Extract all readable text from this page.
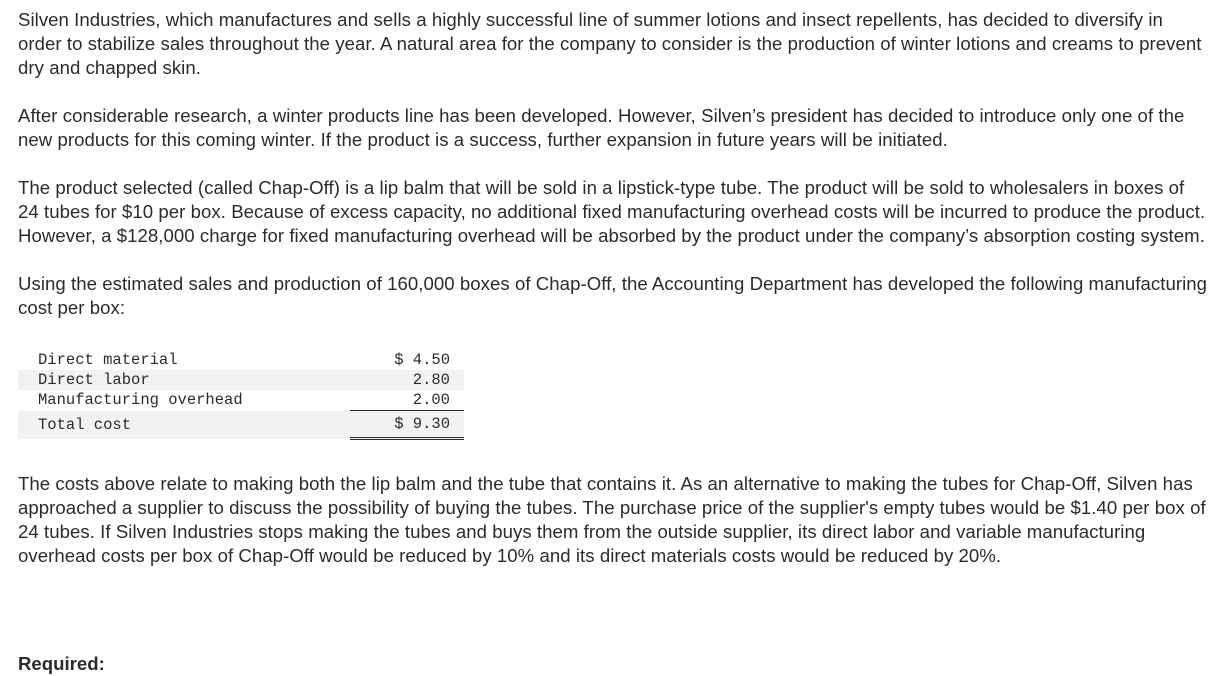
Silven Industries, which manufactures and sells a highly successful line of summer lotions and insect repellents, has decided to diversify in order to stabilize sales throughout the year. A natural area for the company to consider is the production of winter lotions and creams to prevent dry and chapped skin.

After considerable research, a winter products line has been developed. However, Silven’s president has decided to introduce only one of the new products for this coming winter. If the product is a success, further expansion in future years will be initiated.

The product selected (called Chap-Off) is a lip balm that will be sold in a lipstick-type tube. The product will be sold to wholesalers in boxes of 24 tubes for $10 per box. Because of excess capacity, no additional fixed manufacturing overhead costs will be incurred to produce the product. However, a $128,000 charge for fixed manufacturing overhead will be absorbed by the product under the company’s absorption costing system.

Using the estimated sales and production of 160,000 boxes of Chap-Off, the Accounting Department has developed the following manufacturing cost per box:

Direct material		$ 4.50
Direct labor		2.80
Manufacturing overhead		2.00
Total cost		$ 9.30

The costs above relate to making both the lip balm and the tube that contains it. As an alternative to making the tubes for Chap-Off, Silven has approached a supplier to discuss the possibility of buying the tubes. The purchase price of the supplier's empty tubes would be $1.40 per box of 24 tubes. If Silven Industries stops making the tubes and buys them from the outside supplier, its direct labor and variable manufacturing overhead costs per box of Chap-Off would be reduced by 10% and its direct materials costs would be reduced by 20%.

Required:
